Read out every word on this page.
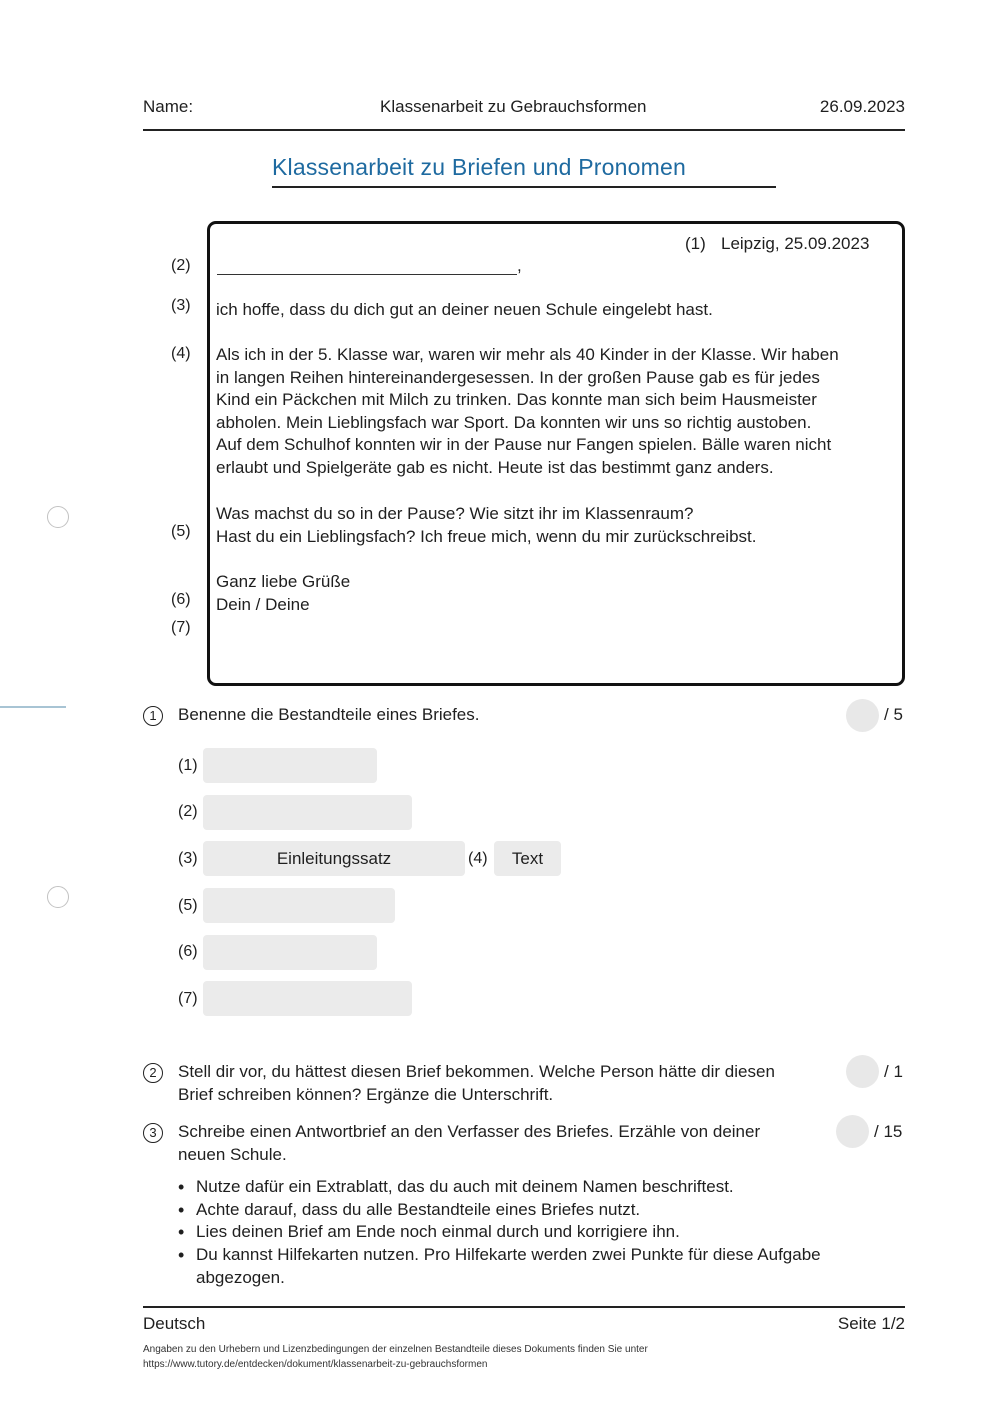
Name:	Klassenarbeit zu Gebrauchsformen	26.09.2023
Klassenarbeit zu Briefen und Pronomen
(1) Leipzig, 25.09.2023
(2)	,
(3) ich hoffe, dass du dich gut an deiner neuen Schule eingelebt hast.
(4) Als ich in der 5. Klasse war, waren wir mehr als 40 Kinder in der Klasse. Wir haben
in langen Reihen hintereinandergesessen. In der großen Pause gab es für jedes
Kind ein Päckchen mit Milch zu trinken. Das konnte man sich beim Hausmeister
abholen. Mein Lieblingsfach war Sport. Da konnten wir uns so richtig austoben.
Auf dem Schulhof konnten wir in der Pause nur Fangen spielen. Bälle waren nicht
erlaubt und Spielgeräte gab es nicht. Heute ist das bestimmt ganz anders.
Was machst du so in der Pause? Wie sitzt ihr im Klassenraum?
Hast du ein Lieblingsfach? Ich freue mich, wenn du mir zurückschreibst.
(5)
Ganz liebe Grüße
(6) Dein / Deine
(7)
1	Benenne die Bestandteile eines Briefes.	/ 5
(1)
(2)
(3)	Einleitungssatz	(4)	Text
(5)
(6)
(7)
2	Stell dir vor, du hättest diesen Brief bekommen. Welche Person hätte dir diesen
Brief schreiben können? Ergänze die Unterschrift.
/ 1
3	Schreibe einen Antwortbrief an den Verfasser des Briefes. Erzähle von deiner
neuen Schule.
/ 15
• Nutze dafür ein Extrablatt, das du auch mit deinem Namen beschriftest.
• Achte darauf, dass du alle Bestandteile eines Briefes nutzt.
• Lies deinen Brief am Ende noch einmal durch und korrigiere ihn.
• Du kannst Hilfekarten nutzen. Pro Hilfekarte werden zwei Punkte für diese Aufgabe
abgezogen.
Deutsch	Seite 1/2
Angaben zu den Urhebern und Lizenzbedingungen der einzelnen Bestandteile dieses Dokuments finden Sie unter
https://www.tutory.de/entdecken/dokument/klassenarbeit-zu-gebrauchsformen
